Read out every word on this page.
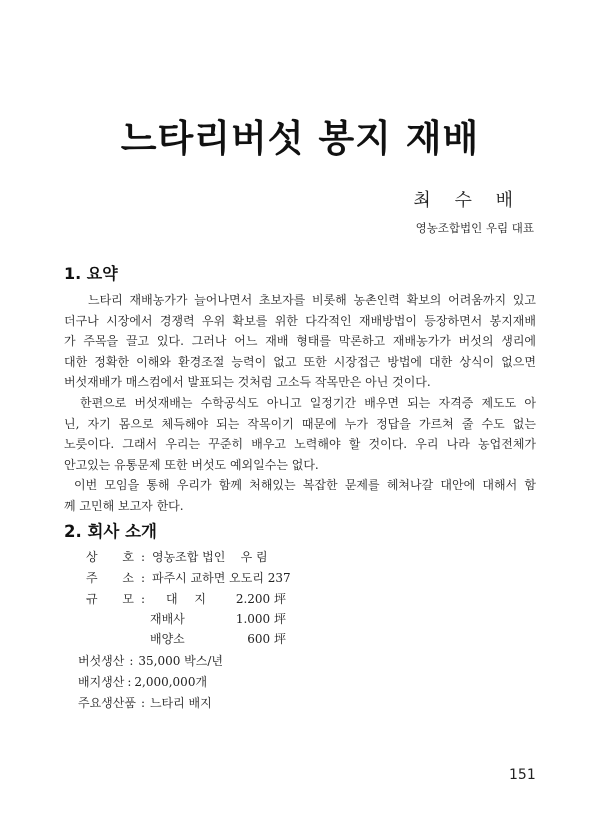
느타리버섯 봉지 재배
최 수 배
영농조합법인 우림 대표
1. 요약
느타리 재배농가가 늘어나면서 초보자를 비롯해 농촌인력 확보의 어려움까지 있고
더구나 시장에서 경쟁력 우위 확보를 위한 다각적인 재배방법이 등장하면서 봉지재배
가 주목을 끌고 있다. 그러나 어느 재배 형태를 막론하고 재배농가가 버섯의 생리에
대한 정확한 이해와 환경조절 능력이 없고 또한 시장접근 방법에 대한 상식이 없으면
버섯재배가 매스컴에서 발표되는 것처럼 고소득 작목만은 아닌 것이다.
한편으로 버섯재배는 수학공식도 아니고 일정기간 배우면 되는 자격증 제도도 아
닌, 자기 몸으로 체득해야 되는 작목이기 때문에 누가 정답을 가르쳐 줄 수도 없는
노릇이다. 그래서 우리는 꾸준히 배우고 노력해야 할 것이다. 우리 나라 농업전체가
안고있는 유통문제 또한 버섯도 예외일수는 없다.
이번 모임을 통해 우리가 함께 처해있는 복잡한 문제를 헤쳐나갈 대안에 대해서 함
께 고민해 보고자 한다.
2. 회사 소개
상 호 : 영농조합 법인    우 림
주 소 : 파주시 교하면 오도리 237
규 모 :	대 지	2.200 坪
재배사	1.000 坪
배양소	600 坪
버섯생산 : 35,000 박스/년
배지생산 : 2,000,000개
주요생산품 : 느타리 배지
151
